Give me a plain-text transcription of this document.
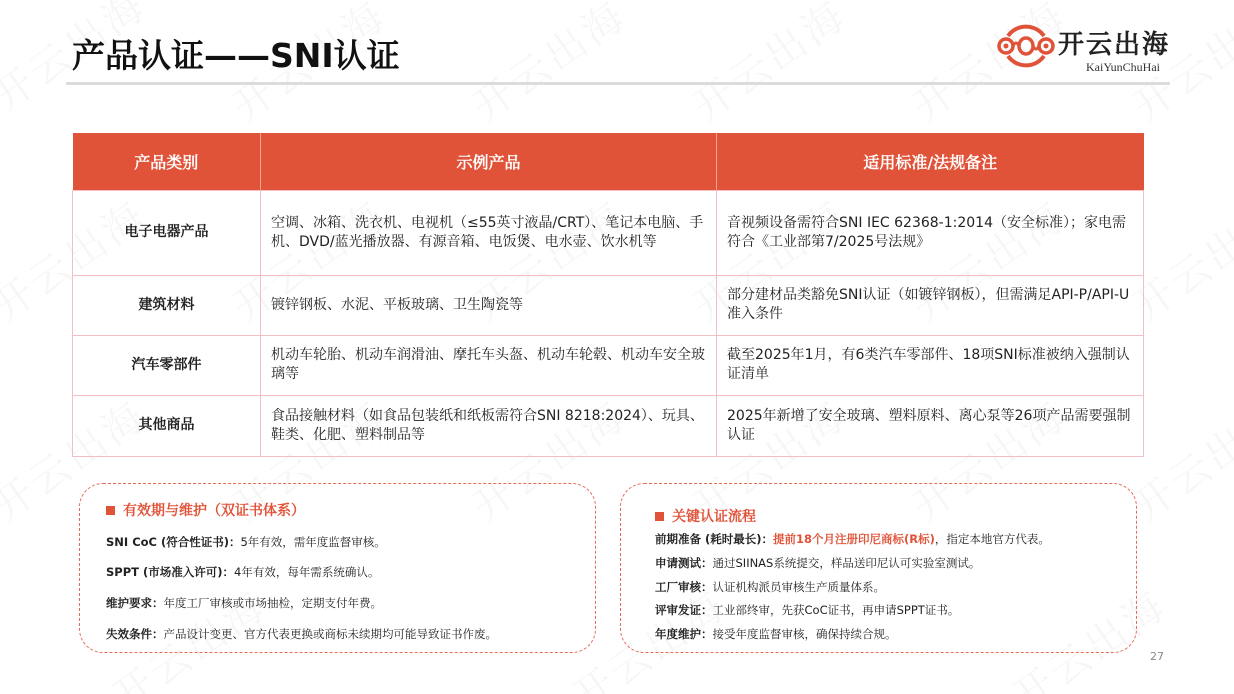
产品认证——SNI认证	开云出海
KaiYunChuHai
产品类别	示例产品	适用标准/法规备注
电子电器产品	空调、冰箱、洗衣机、电视机（≤55英寸液晶/CRT）、笔记本电脑、手机、DVD/蓝光播放器、有源音箱、电饭煲、电水壶、饮水机等	音视频设备需符合SNI IEC 62368-1:2014（安全标准）；家电需符合《工业部第7/2025号法规》
建筑材料	镀锌钢板、水泥、平板玻璃、卫生陶瓷等	部分建材品类豁免SNI认证（如镀锌钢板），但需满足API-P/API-U准入条件
汽车零部件	机动车轮胎、机动车润滑油、摩托车头盔、机动车轮毂、机动车安全玻璃等	截至2025年1月，有6类汽车零部件、18项SNI标准被纳入强制认证清单
其他商品	食品接触材料（如食品包装纸和纸板需符合SNI 8218:2024）、玩具、鞋类、化肥、塑料制品等	2025年新增了安全玻璃、塑料原料、离心泵等26项产品需要强制认证
有效期与维护（双证书体系）
SNI CoC (符合性证书)：5年有效，需年度监督审核。
SPPT (市场准入许可)：4年有效，每年需系统确认。
维护要求：年度工厂审核或市场抽检，定期支付年费。
失效条件：产品设计变更、官方代表更换或商标未续期均可能导致证书作废。
关键认证流程
前期准备 (耗时最长)：提前18个月注册印尼商标(R标)，指定本地官方代表。
申请测试：通过SIINAS系统提交，样品送印尼认可实验室测试。
工厂审核：认证机构派员审核生产质量体系。
评审发证：工业部终审，先获CoC证书，再申请SPPT证书。
年度维护：接受年度监督审核，确保持续合规。
27
